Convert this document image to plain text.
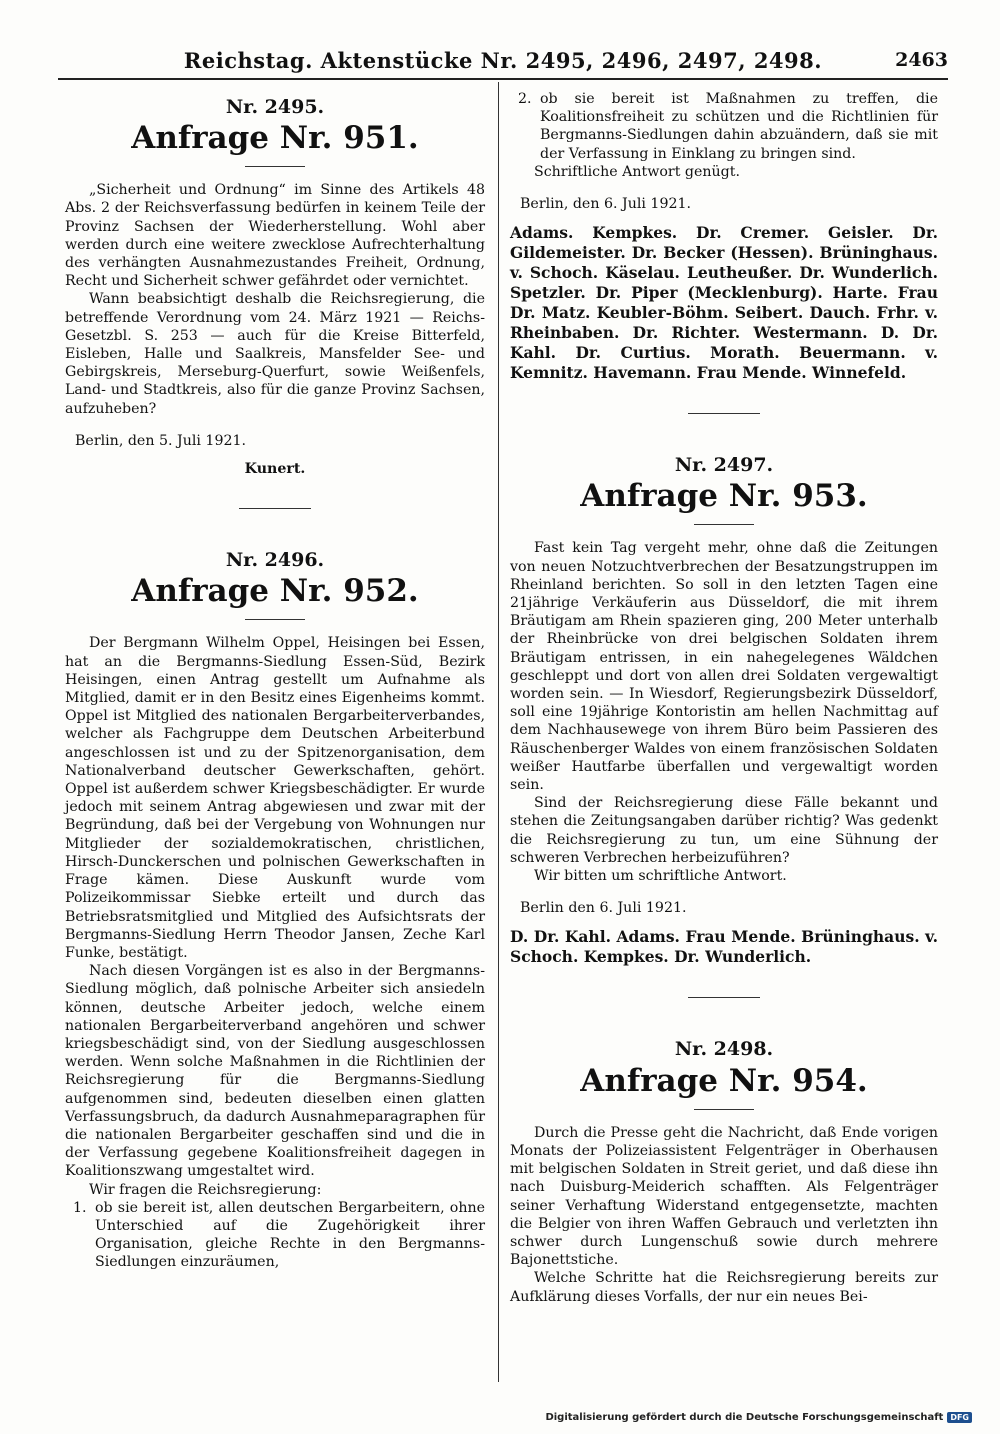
Reichstag. Aktenstücke Nr. 2495, 2496, 2497, 2498.	2463
Nr. 2495.
Anfrage Nr. 951.

„Sicherheit und Ordnung“ im Sinne des Artikels 48 Abs. 2 der Reichsverfassung bedürfen in keinem Teile der Provinz Sachsen der Wiederherstellung. Wohl aber werden durch eine weitere zwecklose Aufrechterhaltung des verhängten Ausnahmezustandes Freiheit, Ordnung, Recht und Sicherheit schwer gefährdet oder vernichtet.

Wann beabsichtigt deshalb die Reichsregierung, die betreffende Verordnung vom 24. März 1921 — Reichs-Gesetzbl. S. 253 — auch für die Kreise Bitterfeld, Eisleben, Halle und Saalkreis, Mansfelder See- und Gebirgskreis, Merseburg-Querfurt, sowie Weißenfels, Land- und Stadtkreis, also für die ganze Provinz Sachsen, aufzuheben?

Berlin, den 5. Juli 1921.

Kunert.
Nr. 2496.
Anfrage Nr. 952.

Der Bergmann Wilhelm Oppel, Heisingen bei Essen, hat an die Bergmanns-Siedlung Essen-Süd, Bezirk Heisingen, einen Antrag gestellt um Aufnahme als Mitglied, damit er in den Besitz eines Eigenheims kommt. Oppel ist Mitglied des nationalen Bergarbeiterverbandes, welcher als Fachgruppe dem Deutschen Arbeiterbund angeschlossen ist und zu der Spitzenorganisation, dem Nationalverband deutscher Gewerkschaften, gehört. Oppel ist außerdem schwer Kriegsbeschädigter. Er wurde jedoch mit seinem Antrag abgewiesen und zwar mit der Begründung, daß bei der Vergebung von Wohnungen nur Mitglieder der sozialdemokratischen, christlichen, Hirsch-Dunckerschen und polnischen Gewerkschaften in Frage kämen. Diese Auskunft wurde vom Polizeikommissar Siebke erteilt und durch das Betriebsratsmitglied und Mitglied des Aufsichtsrats der Bergmanns-Siedlung Herrn Theodor Jansen, Zeche Karl Funke, bestätigt.

Nach diesen Vorgängen ist es also in der Bergmanns-Siedlung möglich, daß polnische Arbeiter sich ansiedeln können, deutsche Arbeiter jedoch, welche einem nationalen Bergarbeiterverband angehören und schwer kriegsbeschädigt sind, von der Siedlung ausgeschlossen werden. Wenn solche Maßnahmen in die Richtlinien der Reichsregierung für die Bergmanns-Siedlung aufgenommen sind, bedeuten dieselben einen glatten Verfassungsbruch, da dadurch Ausnahmeparagraphen für die nationalen Bergarbeiter geschaffen sind und die in der Verfassung gegebene Koalitionsfreiheit dagegen in Koalitionszwang umgestaltet wird.

Wir fragen die Reichsregierung:

1. ob sie bereit ist, allen deutschen Bergarbeitern, ohne Unterschied auf die Zugehörigkeit ihrer Organisation, gleiche Rechte in den Bergmanns-Siedlungen einzuräumen,

2. ob sie bereit ist Maßnahmen zu treffen, die Koalitionsfreiheit zu schützen und die Richtlinien für Bergmanns-Siedlungen dahin abzuändern, daß sie mit der Verfassung in Einklang zu bringen sind.

Schriftliche Antwort genügt.

Berlin, den 6. Juli 1921.

Adams. Kempkes. Dr. Cremer. Geisler. Dr. Gildemeister. Dr. Becker (Hessen). Brüninghaus. v. Schoch. Käselau. Leutheußer. Dr. Wunderlich. Spetzler. Dr. Piper (Mecklenburg). Harte. Frau Dr. Matz. Keubler-Böhm. Seibert. Dauch. Frhr. v. Rheinbaben. Dr. Richter. Westermann. D. Dr. Kahl. Dr. Curtius. Morath. Beuermann. v. Kemnitz. Havemann. Frau Mende. Winnefeld.
Nr. 2497.
Anfrage Nr. 953.

Fast kein Tag vergeht mehr, ohne daß die Zeitungen von neuen Notzuchtverbrechen der Besatzungstruppen im Rheinland berichten. So soll in den letzten Tagen eine 21jährige Verkäuferin aus Düsseldorf, die mit ihrem Bräutigam am Rhein spazieren ging, 200 Meter unterhalb der Rheinbrücke von drei belgischen Soldaten ihrem Bräutigam entrissen, in ein nahegelegenes Wäldchen geschleppt und dort von allen drei Soldaten vergewaltigt worden sein. — In Wiesdorf, Regierungsbezirk Düsseldorf, soll eine 19jährige Kontoristin am hellen Nachmittag auf dem Nachhausewege von ihrem Büro beim Passieren des Räuschenberger Waldes von einem französischen Soldaten weißer Hautfarbe überfallen und vergewaltigt worden sein.

Sind der Reichsregierung diese Fälle bekannt und stehen die Zeitungsangaben darüber richtig? Was gedenkt die Reichsregierung zu tun, um eine Sühnung der schweren Verbrechen herbeizuführen?

Wir bitten um schriftliche Antwort.

Berlin den 6. Juli 1921.

D. Dr. Kahl. Adams. Frau Mende. Brüninghaus. v. Schoch. Kempkes. Dr. Wunderlich.
Nr. 2498.
Anfrage Nr. 954.

Durch die Presse geht die Nachricht, daß Ende vorigen Monats der Polizeiassistent Felgenträger in Oberhausen mit belgischen Soldaten in Streit geriet, und daß diese ihn nach Duisburg-Meiderich schafften. Als Felgenträger seiner Verhaftung Widerstand entgegensetzte, machten die Belgier von ihren Waffen Gebrauch und verletzten ihn schwer durch Lungenschuß sowie durch mehrere Bajonettstiche.

Welche Schritte hat die Reichsregierung bereits zur Aufklärung dieses Vorfalls, der nur ein neues Bei-

Digitalisierung gefördert durch die Deutsche Forschungsgemeinschaft DFG
